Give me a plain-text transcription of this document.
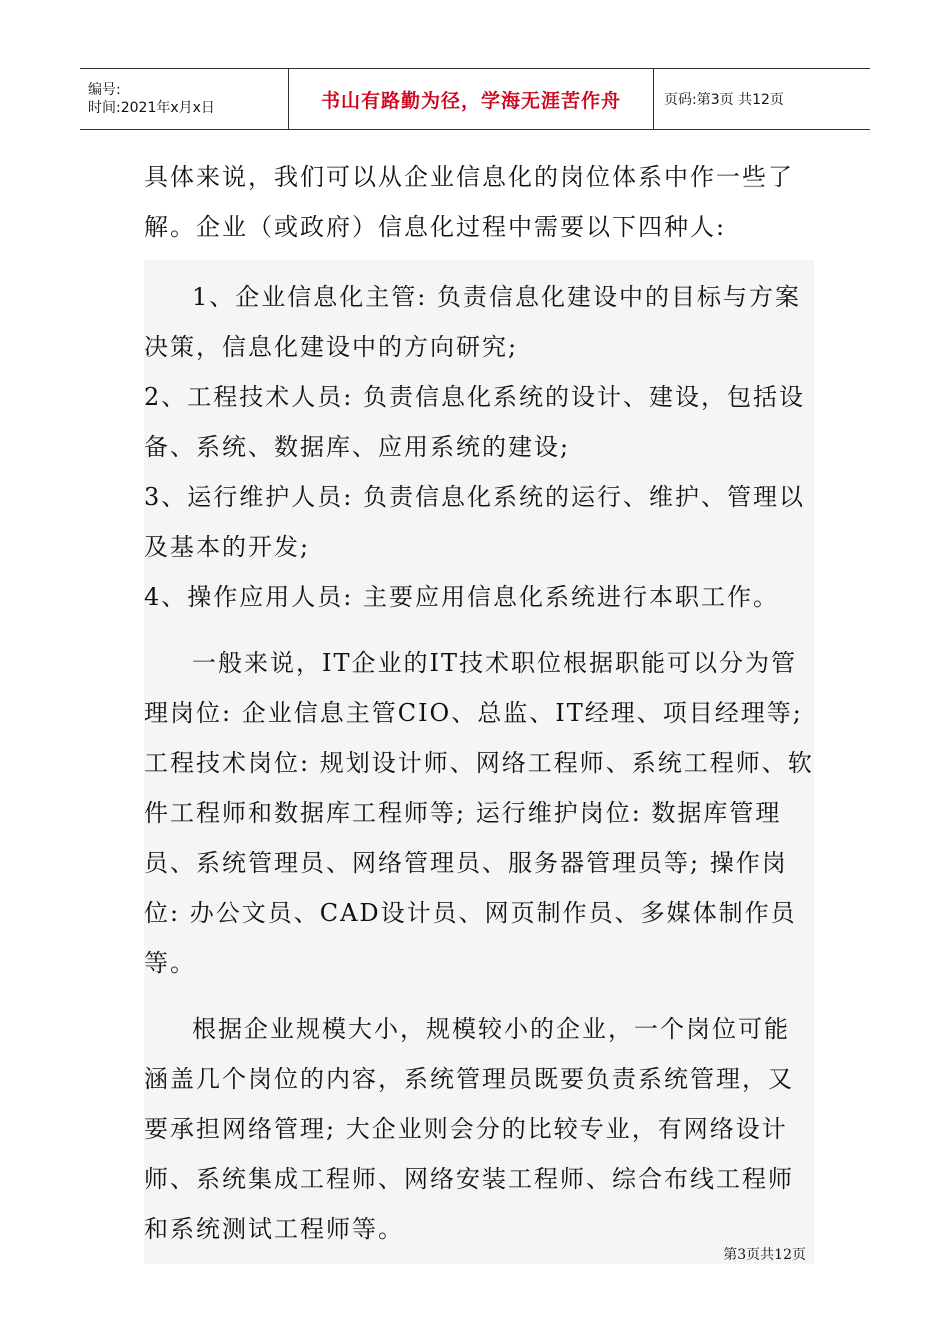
编号:
时间:2021年x月x日	书山有路勤为径，学海无涯苦作舟	页码:第3页 共12页

具体来说，我们可以从企业信息化的岗位体系中作一些了解。企业（或政府）信息化过程中需要以下四种人:

1、企业信息化主管: 负责信息化建设中的目标与方案决策，信息化建设中的方向研究;

2、工程技术人员: 负责信息化系统的设计、建设，包括设备、系统、数据库、应用系统的建设;

3、运行维护人员: 负责信息化系统的运行、维护、管理以及基本的开发;

4、操作应用人员: 主要应用信息化系统进行本职工作。

一般来说，IT企业的IT技术职位根据职能可以分为管理岗位: 企业信息主管CIO、总监、IT经理、项目经理等; 工程技术岗位: 规划设计师、网络工程师、系统工程师、软件工程师和数据库工程师等; 运行维护岗位: 数据库管理员、系统管理员、网络管理员、服务器管理员等; 操作岗位: 办公文员、CAD设计员、网页制作员、多媒体制作员等。

根据企业规模大小，规模较小的企业，一个岗位可能涵盖几个岗位的内容，系统管理员既要负责系统管理，又要承担网络管理; 大企业则会分的比较专业，有网络设计师、系统集成工程师、网络安装工程师、综合布线工程师和系统测试工程师等。

第3页共12页
